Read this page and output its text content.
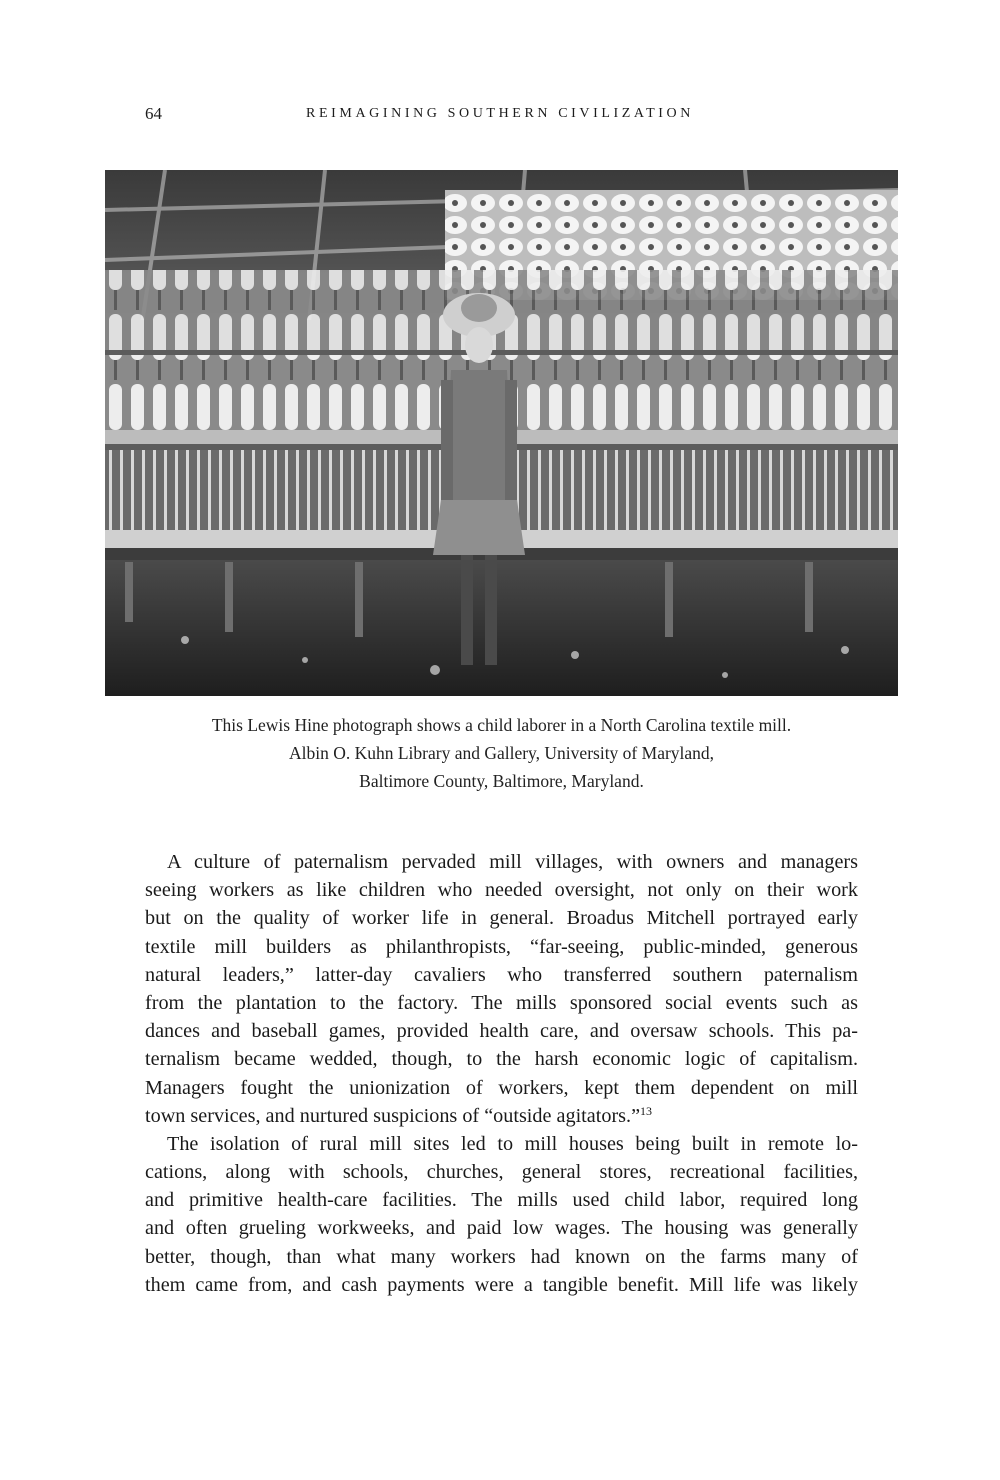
64	REIMAGINING SOUTHERN CIVILIZATION
This Lewis Hine photograph shows a child laborer in a North Carolina textile mill.
Albin O. Kuhn Library and Gallery, University of Maryland,
Baltimore County, Baltimore, Maryland.
A culture of paternalism pervaded mill villages, with owners and managers
seeing workers as like children who needed oversight, not only on their work
but on the quality of worker life in general. Broadus Mitchell portrayed early
textile mill builders as philanthropists, “far-seeing, public-minded, generous
natural leaders,” latter-day cavaliers who transferred southern paternalism
from the plantation to the factory. The mills sponsored social events such as
dances and baseball games, provided health care, and oversaw schools. This pa-
ternalism became wedded, though, to the harsh economic logic of capitalism.
Managers fought the unionization of workers, kept them dependent on mill
town services, and nurtured suspicions of “outside agitators.”$^{13}$
The isolation of rural mill sites led to mill houses being built in remote lo-
cations, along with schools, churches, general stores, recreational facilities,
and primitive health-care facilities. The mills used child labor, required long
and often grueling workweeks, and paid low wages. The housing was generally
better, though, than what many workers had known on the farms many of
them came from, and cash payments were a tangible benefit. Mill life was likely
